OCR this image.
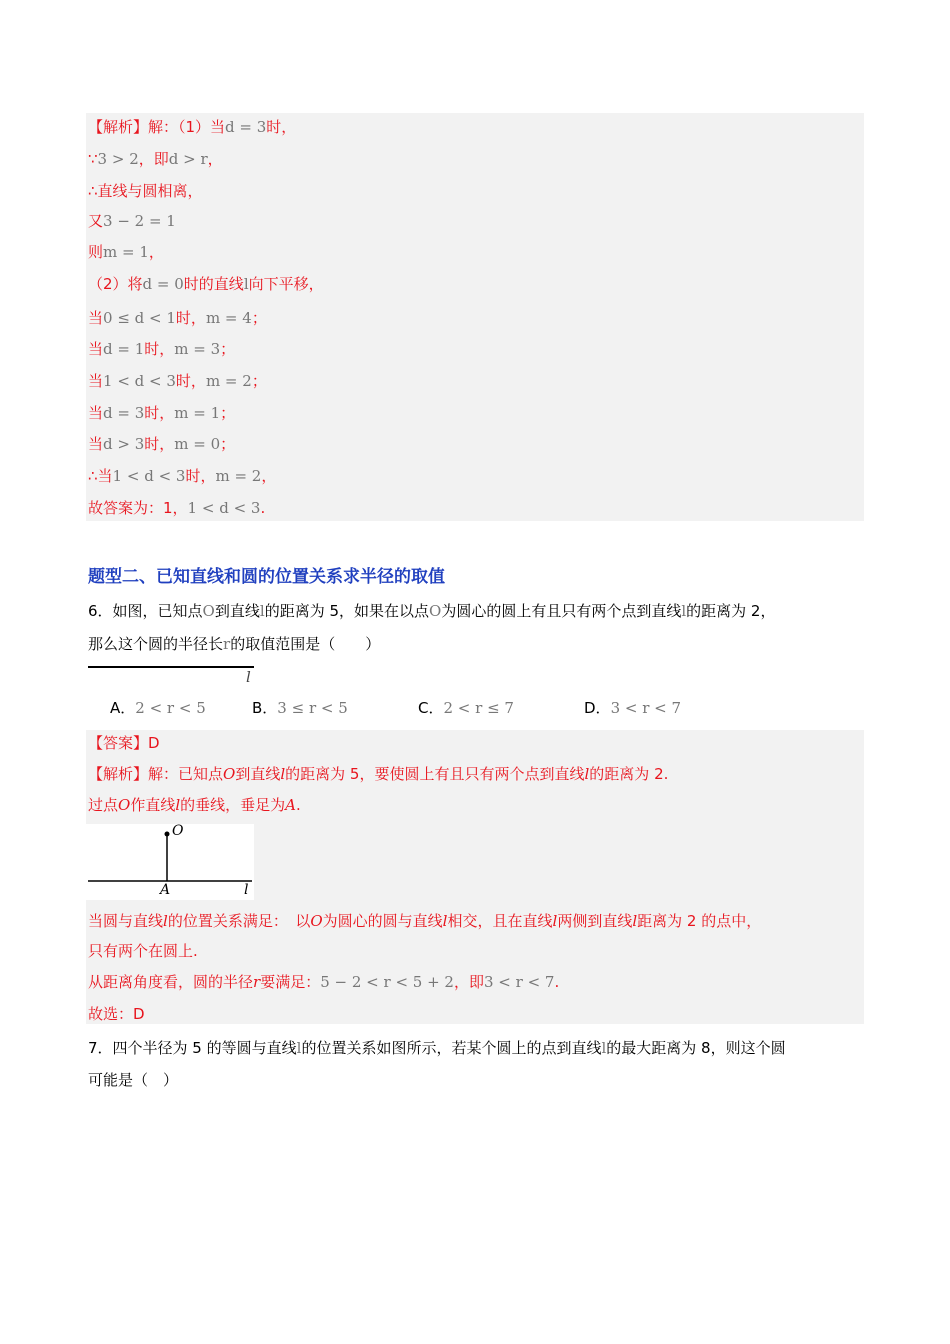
【解析】解：（1）当d = 3时，
∵3 > 2，即d > r，
∴直线与圆相离，
又3 − 2 = 1
则m = 1，
（2）将d = 0时的直线l向下平移，
当0 ≤ d < 1时，m = 4；
当d = 1时，m = 3；
当1 < d < 3时，m = 2；
当d = 3时，m = 1；
当d > 3时，m = 0；
∴当1 < d < 3时，m = 2，
故答案为：1，1 < d < 3.
题型二、已知直线和圆的位置关系求半径的取值
6．如图，已知点O到直线l的距离为 5，如果在以点O为圆心的圆上有且只有两个点到直线l的距离为 2，
那么这个圆的半径长r的取值范围是（　　）
l
A．2 < r < 5	B．3 ≤ r < 5	C．2 < r ≤ 7	D．3 < r < 7
【答案】D
【解析】解：已知点O到直线l的距离为 5，要使圆上有且只有两个点到直线l的距离为 2.
过点O作直线l的垂线，垂足为A.
O
A	l
当圆与直线l的位置关系满足：　以O为圆心的圆与直线l相交，且在直线l两侧到直线l距离为 2 的点中，
只有两个在圆上.
从距离角度看，圆的半径r要满足：5 − 2 < r < 5 + 2，即3 < r < 7.
故选：D
7．四个半径为 5 的等圆与直线l的位置关系如图所示，若某个圆上的点到直线l的最大距离为 8，则这个圆
可能是（　）
